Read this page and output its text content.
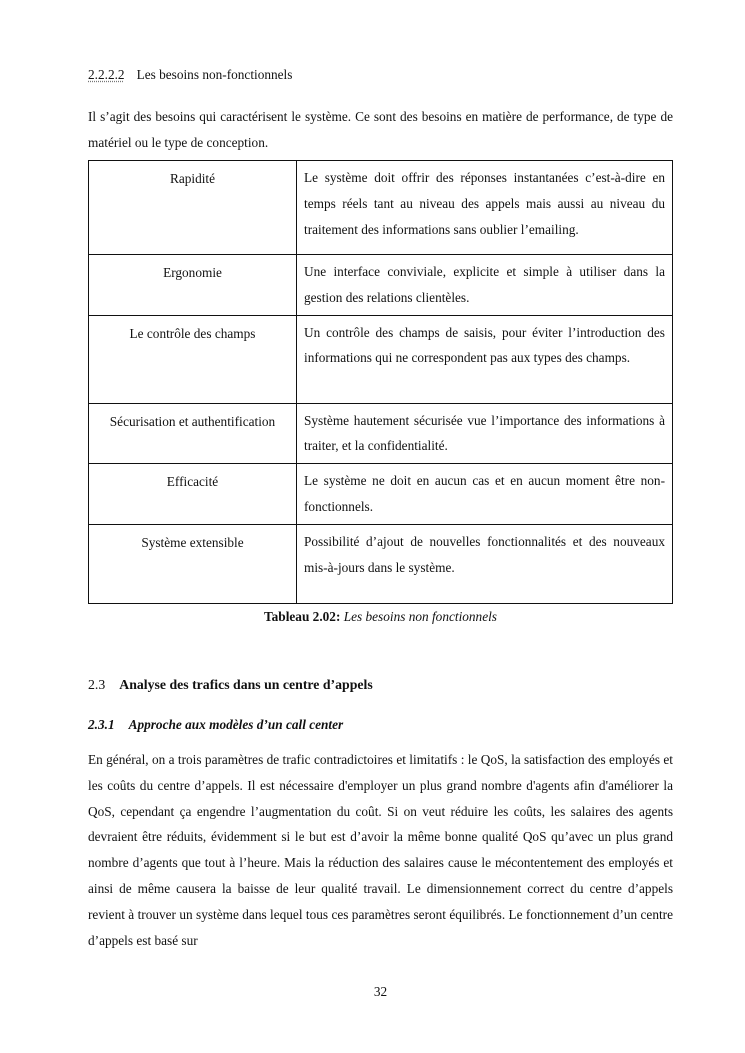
2.2.2.2 Les besoins non-fonctionnels
Il s’agit des besoins qui caractérisent le système. Ce sont des besoins en matière de performance, de type de matériel ou le type de conception.
Rapidité	Le système doit offrir des réponses instantanées c’est-à-dire en temps réels tant au niveau des appels mais aussi au niveau du traitement des informations sans oublier l’emailing.
Ergonomie	Une interface conviviale, explicite et simple à utiliser dans la gestion des relations clientèles.
Le contrôle des champs	Un contrôle des champs de saisis, pour éviter l’introduction des informations qui ne correspondent pas aux types des champs.
Sécurisation et authentification	Système hautement sécurisée vue l’importance des informations à traiter, et la confidentialité.
Efficacité	Le système ne doit en aucun cas et en aucun moment être non-fonctionnels.
Système extensible	Possibilité d’ajout de nouvelles fonctionnalités et des nouveaux mis-à-jours dans le système.
Tableau 2.02: Les besoins non fonctionnels
2.3 Analyse des trafics dans un centre d’appels
2.3.1 Approche aux modèles d’un call center
En général, on a trois paramètres de trafic contradictoires et limitatifs : le QoS, la satisfaction des employés et les coûts du centre d’appels. Il est nécessaire d'employer un plus grand nombre d'agents afin d'améliorer la QoS, cependant ça engendre l’augmentation du coût. Si on veut réduire les coûts, les salaires des agents devraient être réduits, évidemment si le but est d’avoir la même bonne qualité QoS qu’avec un plus grand nombre d’agents que tout à l’heure. Mais la réduction des salaires cause le mécontentement des employés et ainsi de même causera la baisse de leur qualité travail. Le dimensionnement correct du centre d’appels revient à trouver un système dans lequel tous ces paramètres seront équilibrés. Le fonctionnement d’un centre d’appels est basé sur
32
